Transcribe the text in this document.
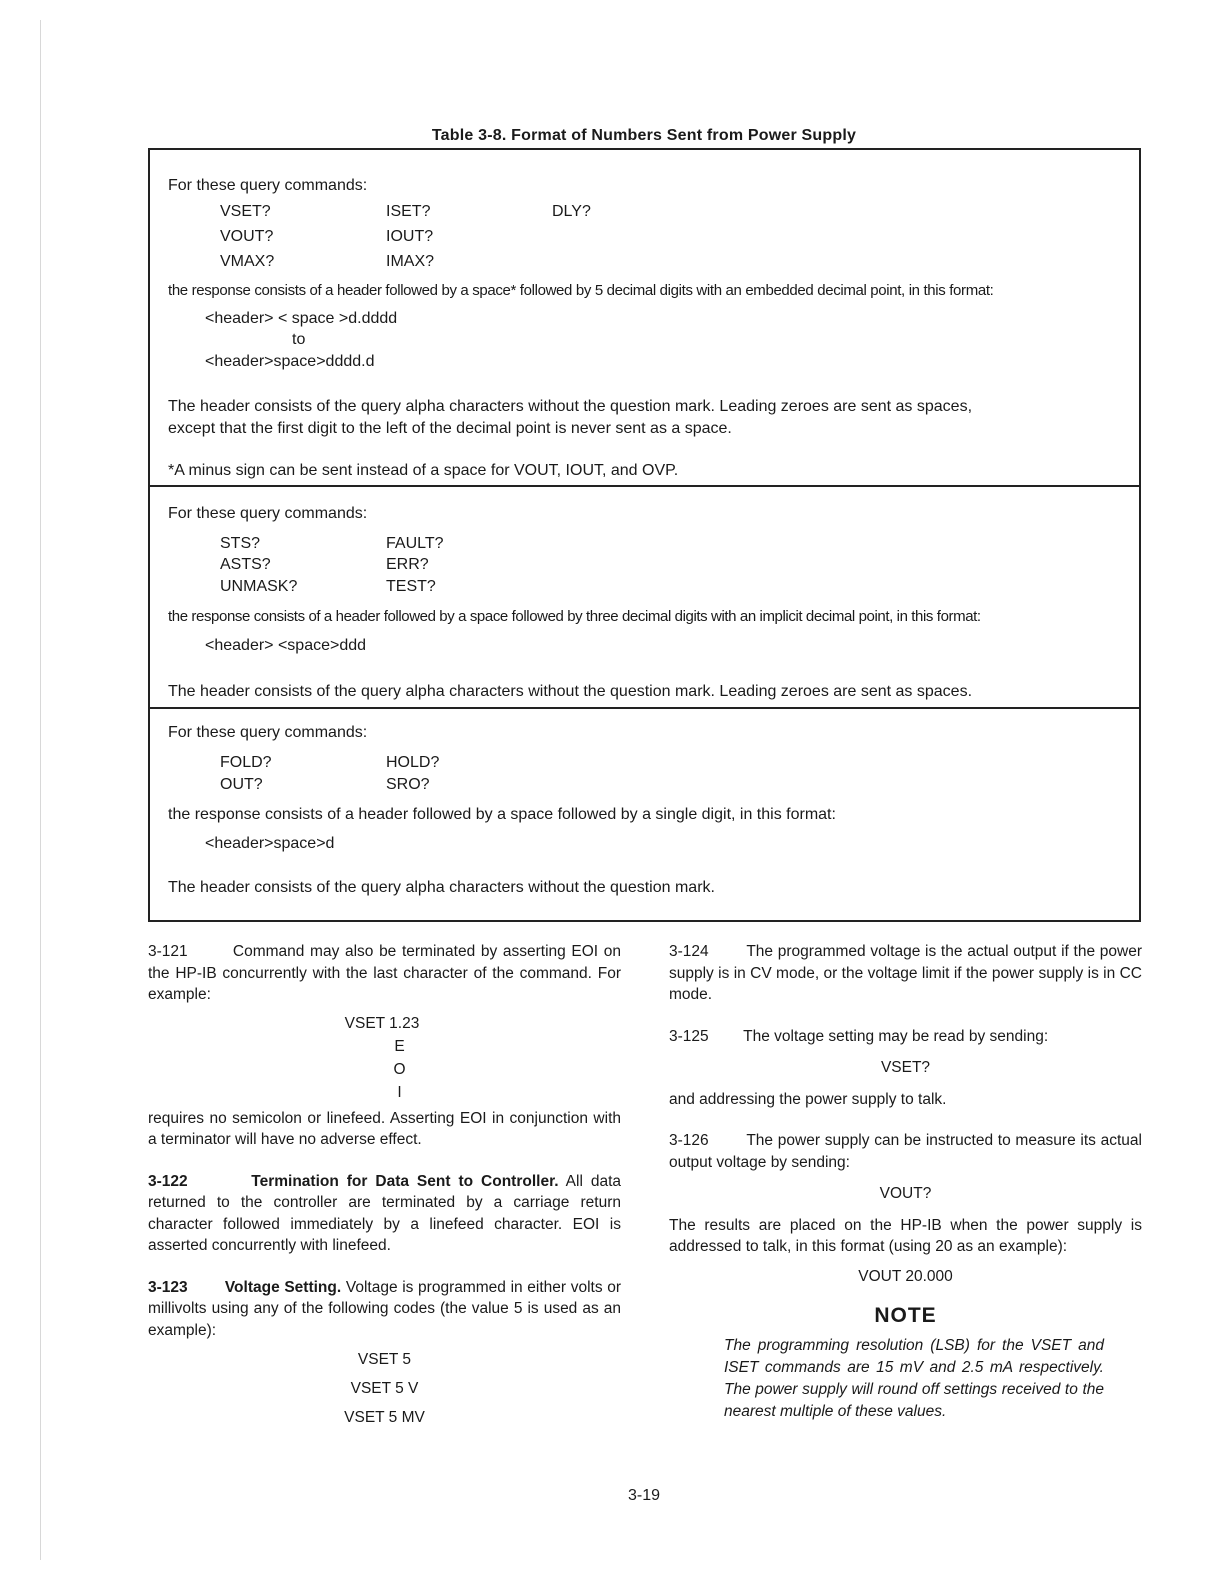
Table 3-8. Format of Numbers Sent from Power Supply
For these query commands:
VSET?	ISET?	DLY?
VOUT?	IOUT?
VMAX?	IMAX?
the response consists of a header followed by a space* followed by 5 decimal digits with an embedded decimal point, in this format:
<header> < space >d.dddd
to
<header>space>dddd.d
The header consists of the query alpha characters without the question mark. Leading zeroes are sent as spaces,
except that the first digit to the left of the decimal point is never sent as a space.
*A minus sign can be sent instead of a space for VOUT, IOUT, and OVP.
For these query commands:
STS?	FAULT?
ASTS?	ERR?
UNMASK?	TEST?
the response consists of a header followed by a space followed by three decimal digits with an implicit decimal point, in this format:
<header> <space>ddd
The header consists of the query alpha characters without the question mark. Leading zeroes are sent as spaces.
For these query commands:
FOLD?	HOLD?
OUT?	SRO?
the response consists of a header followed by a space followed by a single digit, in this format:
<header>space>d
The header consists of the query alpha characters without the question mark.

3-121	Command may also be terminated by asserting EOI on the HP-IB concurrently with the last character of the command. For example:

VSET 1.23
E
O
I

requires no semicolon or linefeed. Asserting EOI in conjunction with a terminator will have no adverse effect.

3-122	Termination for Data Sent to Controller. All data returned to the controller are terminated by a carriage return character followed immediately by a linefeed character. EOI is asserted concurrently with linefeed.

3-123 Voltage Setting. Voltage is programmed in either volts or millivolts using any of the following codes (the value 5 is used as an example):

VSET 5
VSET 5 V
VSET 5 MV

3-124 The programmed voltage is the actual output if the power supply is in CV mode, or the voltage limit if the power supply is in CC mode.

3-125 The voltage setting may be read by sending:

VSET?

and addressing the power supply to talk.

3-126 The power supply can be instructed to measure its actual output voltage by sending:

VOUT?

The results are placed on the HP-IB when the power supply is addressed to talk, in this format (using 20 as an example):

VOUT 20.000
NOTE

The programming resolution (LSB) for the VSET and ISET commands are 15 mV and 2.5 mA respectively. The power supply will round off settings received to the nearest multiple of these values.

3-19
